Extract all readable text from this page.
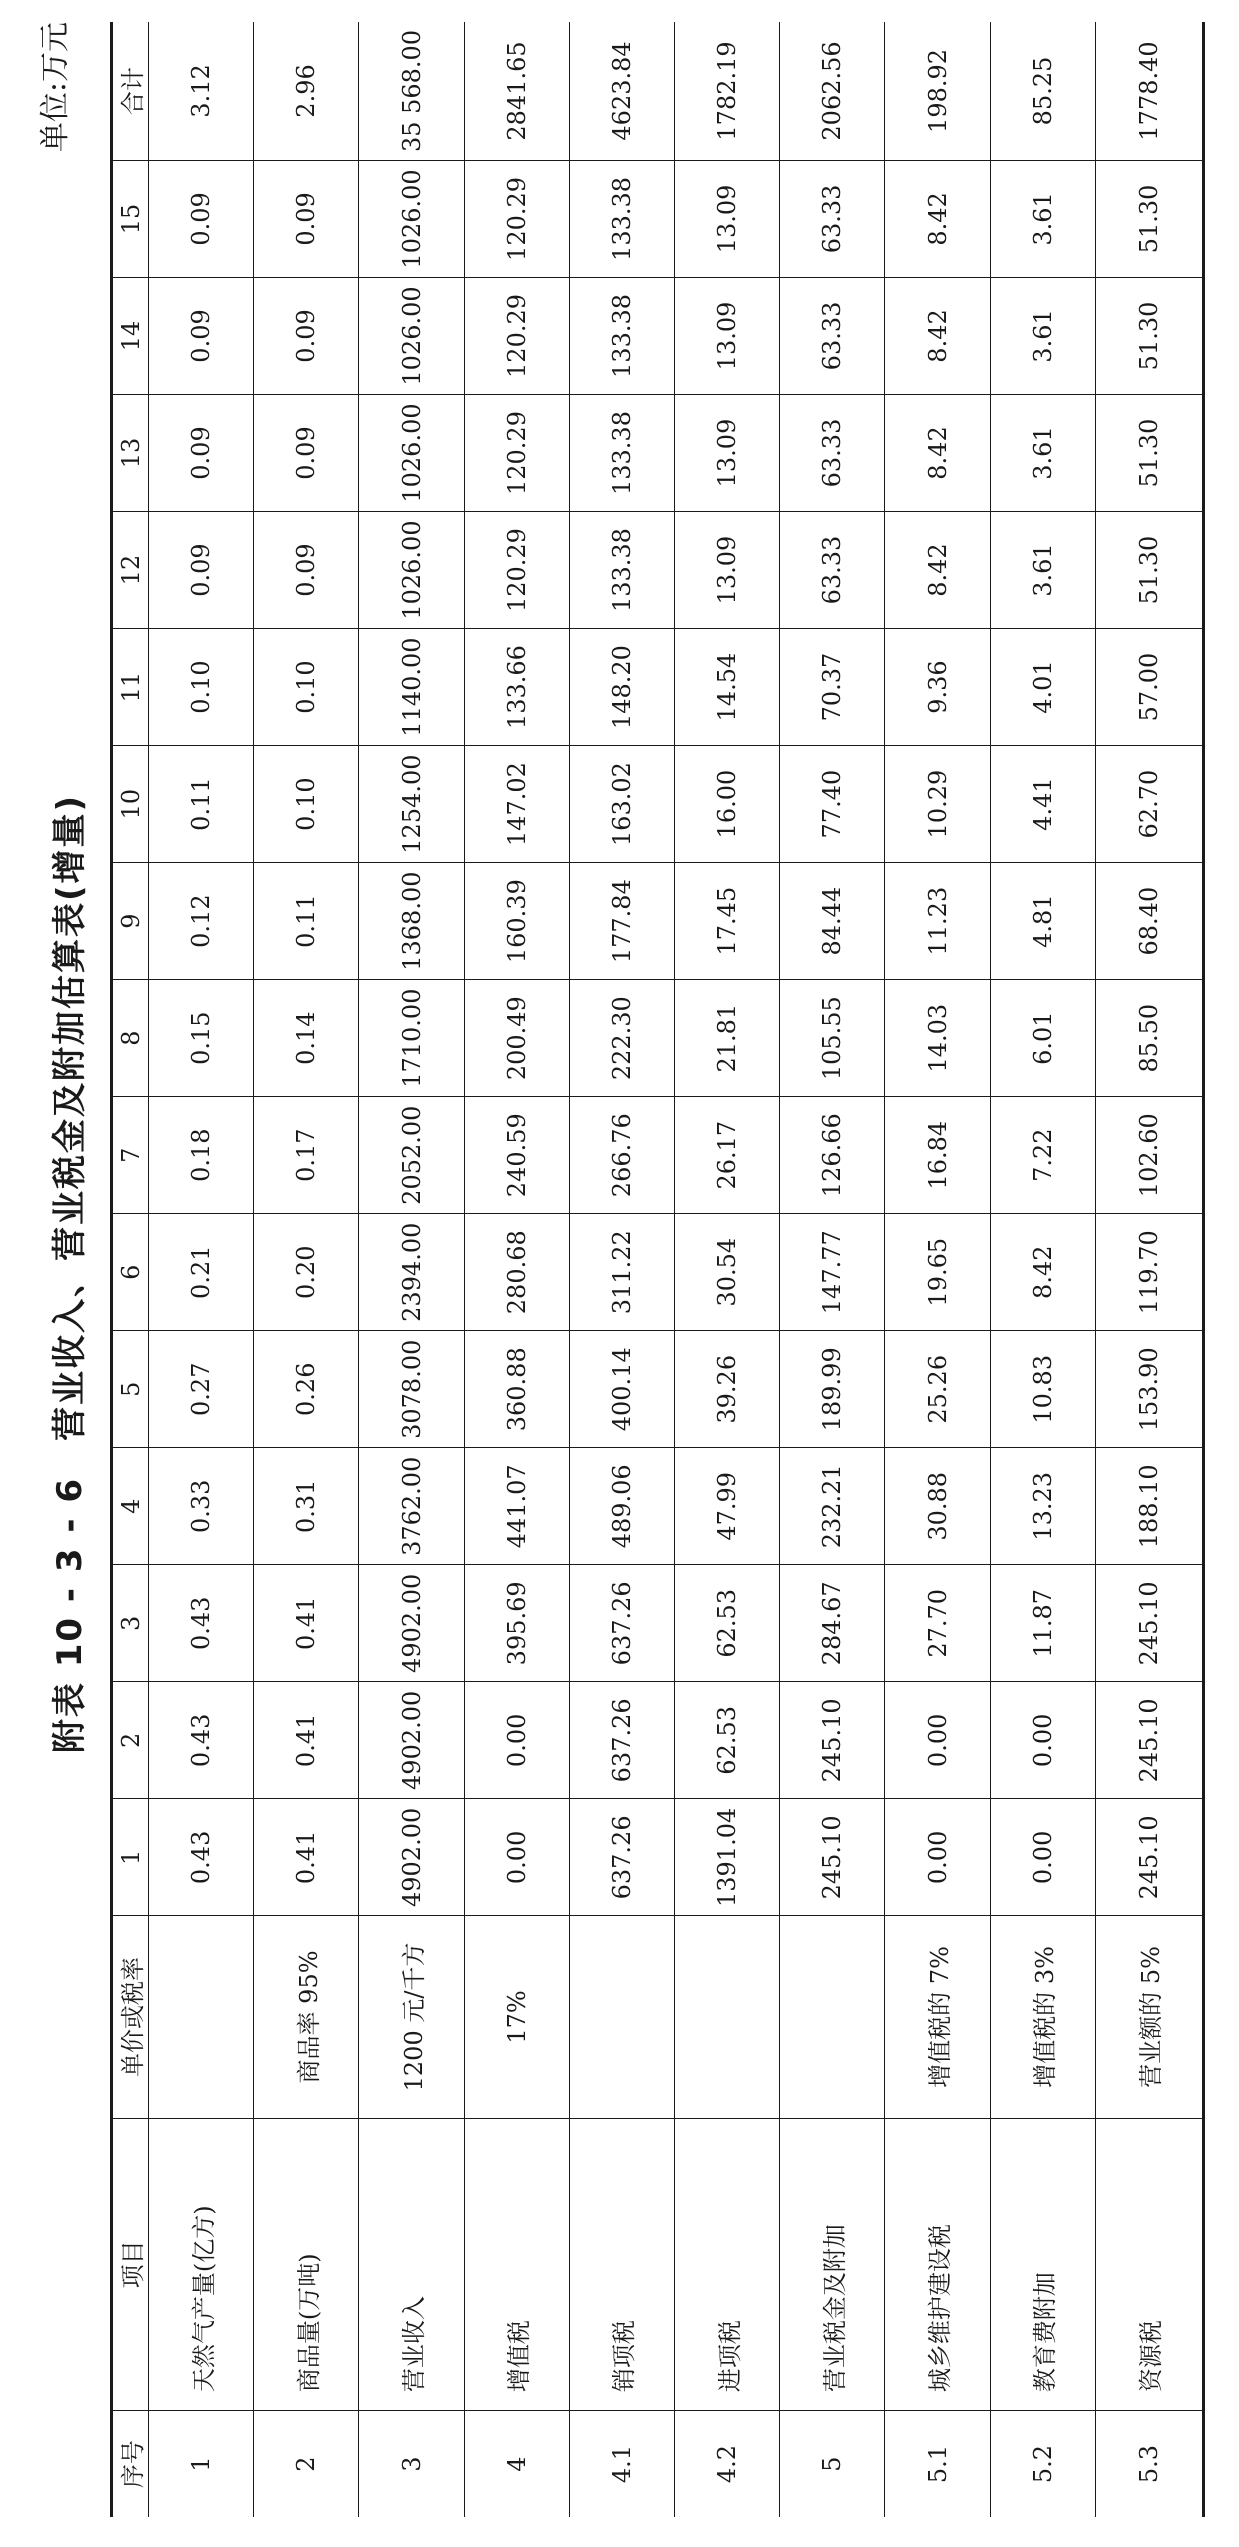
单位:万元
附表 10 - 3 - 6　营业收入、营业税金及附加估算表(增量)
序号	项目	单价或税率	1	2	3	4	5	6	7	8	9	10	11	12	13	14	15	合计
1	天然气产量(亿方)		0.43	0.43	0.43	0.33	0.27	0.21	0.18	0.15	0.12	0.11	0.10	0.09	0.09	0.09	0.09	3.12
2	商品量(万吨)	商品率 95%	0.41	0.41	0.41	0.31	0.26	0.20	0.17	0.14	0.11	0.10	0.10	0.09	0.09	0.09	0.09	2.96
3	营业收入	1200 元/千方	4902.00	4902.00	4902.00	3762.00	3078.00	2394.00	2052.00	1710.00	1368.00	1254.00	1140.00	1026.00	1026.00	1026.00	1026.00	35 568.00
4	增值税	17%	0.00	0.00	395.69	441.07	360.88	280.68	240.59	200.49	160.39	147.02	133.66	120.29	120.29	120.29	120.29	2841.65
4.1	销项税		637.26	637.26	637.26	489.06	400.14	311.22	266.76	222.30	177.84	163.02	148.20	133.38	133.38	133.38	133.38	4623.84
4.2	进项税		1391.04	62.53	62.53	47.99	39.26	30.54	26.17	21.81	17.45	16.00	14.54	13.09	13.09	13.09	13.09	1782.19
5	营业税金及附加		245.10	245.10	284.67	232.21	189.99	147.77	126.66	105.55	84.44	77.40	70.37	63.33	63.33	63.33	63.33	2062.56
5.1	城乡维护建设税	增值税的 7%	0.00	0.00	27.70	30.88	25.26	19.65	16.84	14.03	11.23	10.29	9.36	8.42	8.42	8.42	8.42	198.92
5.2	教育费附加	增值税的 3%	0.00	0.00	11.87	13.23	10.83	8.42	7.22	6.01	4.81	4.41	4.01	3.61	3.61	3.61	3.61	85.25
5.3	资源税	营业额的 5%	245.10	245.10	245.10	188.10	153.90	119.70	102.60	85.50	68.40	62.70	57.00	51.30	51.30	51.30	51.30	1778.40
